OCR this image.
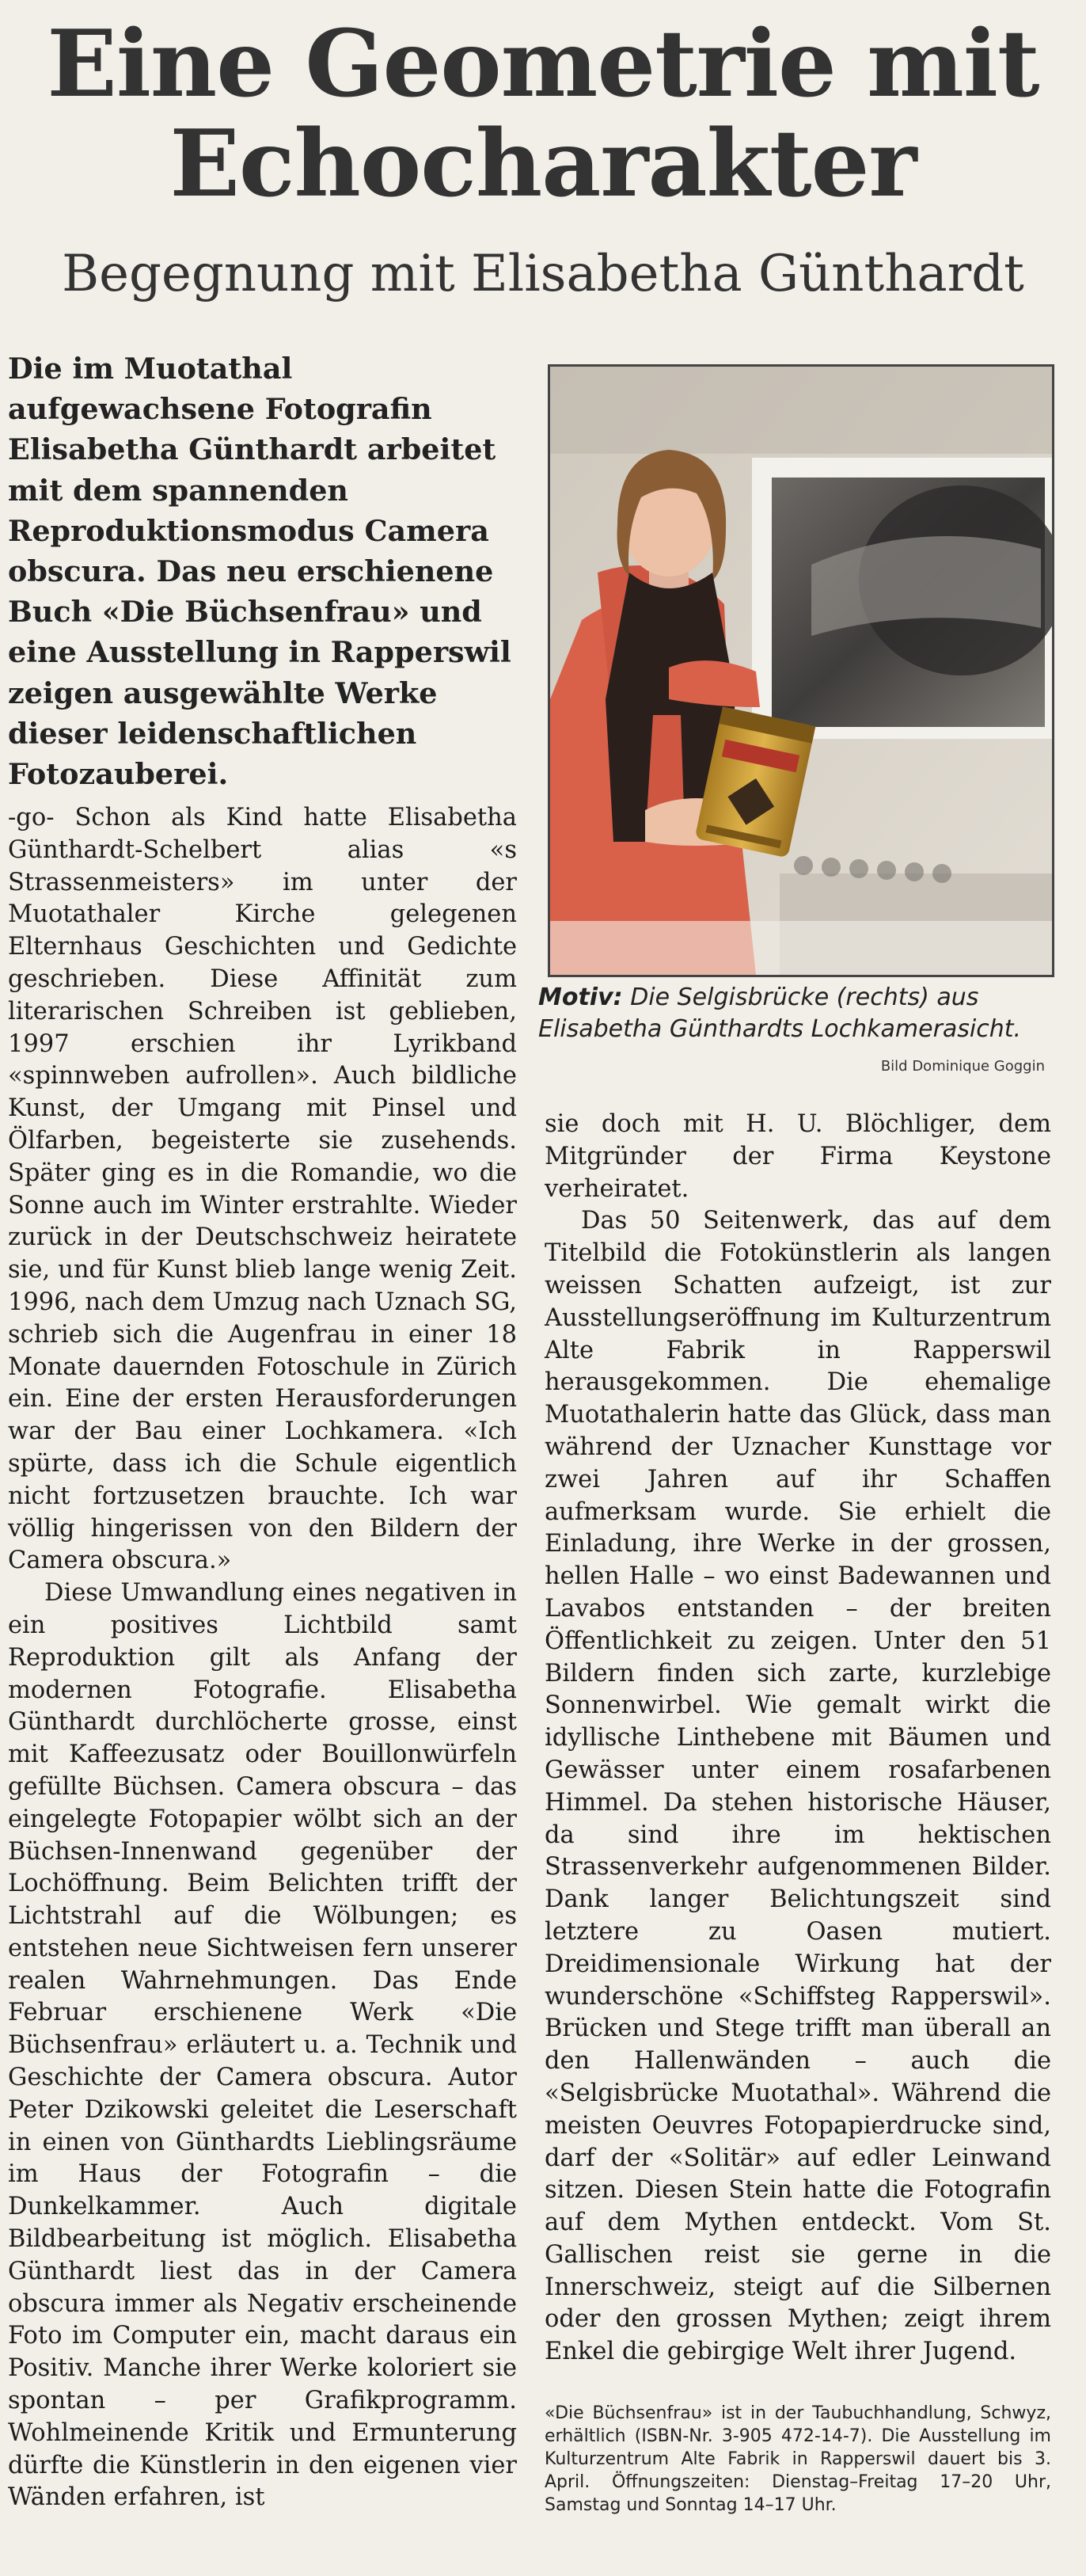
Eine Geometrie mit
Echocharakter
Begegnung mit Elisabetha Günthardt
Die im Muotathal aufgewachsene Fotografin Elisabetha Günthardt arbeitet mit dem spannenden Reproduktionsmodus Camera obscura. Das neu erschienene Buch «Die Büchsenfrau» und eine Ausstellung in Rapperswil zeigen ausgewählte Werke dieser leidenschaftlichen Fotozauberei.
Motiv: Die Selgisbrücke (rechts) aus Elisabetha Günthardts Lochkamerasicht.
Bild Dominique Goggin

-go- Schon als Kind hatte Elisabetha Günthardt-Schelbert alias «s Strassenmeisters» im unter der Muotathaler Kirche gelegenen Elternhaus Geschichten und Gedichte geschrieben. Diese Affinität zum literarischen Schreiben ist geblieben, 1997 erschien ihr Lyrikband «spinnweben aufrollen». Auch bildliche Kunst, der Umgang mit Pinsel und Ölfarben, begeisterte sie zusehends. Später ging es in die Romandie, wo die Sonne auch im Winter erstrahlte. Wieder zurück in der Deutschschweiz heiratete sie, und für Kunst blieb lange wenig Zeit. 1996, nach dem Umzug nach Uznach SG, schrieb sich die Augenfrau in einer 18 Monate dauernden Fotoschule in Zürich ein. Eine der ersten Herausforderungen war der Bau einer Lochkamera. «Ich spürte, dass ich die Schule eigentlich nicht fortzusetzen brauchte. Ich war völlig hingerissen von den Bildern der Camera obscura.»

Diese Umwandlung eines negativen in ein positives Lichtbild samt Reproduktion gilt als Anfang der modernen Fotografie. Elisabetha Günthardt durchlöcherte grosse, einst mit Kaffeezusatz oder Bouillonwürfeln gefüllte Büchsen. Camera obscura – das eingelegte Fotopapier wölbt sich an der Büchsen-Innenwand gegenüber der Lochöffnung. Beim Belichten trifft der Lichtstrahl auf die Wölbungen; es entstehen neue Sichtweisen fern unserer realen Wahrnehmungen. Das Ende Februar erschienene Werk «Die Büchsenfrau» erläutert u. a. Technik und Geschichte der Camera obscura. Autor Peter Dzikowski geleitet die Leserschaft in einen von Günthardts Lieblingsräume im Haus der Fotografin – die Dunkelkammer. Auch digitale Bildbearbeitung ist möglich. Elisabetha Günthardt liest das in der Camera obscura immer als Negativ erscheinende Foto im Computer ein, macht daraus ein Positiv. Manche ihrer Werke koloriert sie spontan – per Grafikprogramm. Wohlmeinende Kritik und Ermunterung dürfte die Künstlerin in den eigenen vier Wänden erfahren, ist

sie doch mit H. U. Blöchliger, dem Mitgründer der Firma Keystone verheiratet.

Das 50 Seitenwerk, das auf dem Titelbild die Fotokünstlerin als langen weissen Schatten aufzeigt, ist zur Ausstellungseröffnung im Kulturzentrum Alte Fabrik in Rapperswil herausgekommen. Die ehemalige Muotathalerin hatte das Glück, dass man während der Uznacher Kunsttage vor zwei Jahren auf ihr Schaffen aufmerksam wurde. Sie erhielt die Einladung, ihre Werke in der grossen, hellen Halle – wo einst Badewannen und Lavabos entstanden – der breiten Öffentlichkeit zu zeigen. Unter den 51 Bildern finden sich zarte, kurzlebige Sonnenwirbel. Wie gemalt wirkt die idyllische Linthebene mit Bäumen und Gewässer unter einem rosafarbenen Himmel. Da stehen historische Häuser, da sind ihre im hektischen Strassenverkehr aufgenommenen Bilder. Dank langer Belichtungszeit sind letztere zu Oasen mutiert. Dreidimensionale Wirkung hat der wunderschöne «Schiffsteg Rapperswil». Brücken und Stege trifft man überall an den Hallenwänden – auch die «Selgisbrücke Muotathal». Während die meisten Oeuvres Fotopapierdrucke sind, darf der «Solitär» auf edler Leinwand sitzen. Diesen Stein hatte die Fotografin auf dem Mythen entdeckt. Vom St. Gallischen reist sie gerne in die Innerschweiz, steigt auf die Silbernen oder den grossen Mythen; zeigt ihrem Enkel die gebirgige Welt ihrer Jugend.

«Die Büchsenfrau» ist in der Taubuchhandlung, Schwyz, erhältlich (ISBN-Nr. 3-905 472-14-7). Die Ausstellung im Kulturzentrum Alte Fabrik in Rapperswil dauert bis 3. April. Öffnungszeiten: Dienstag–Freitag 17–20 Uhr, Samstag und Sonntag 14–17 Uhr.
